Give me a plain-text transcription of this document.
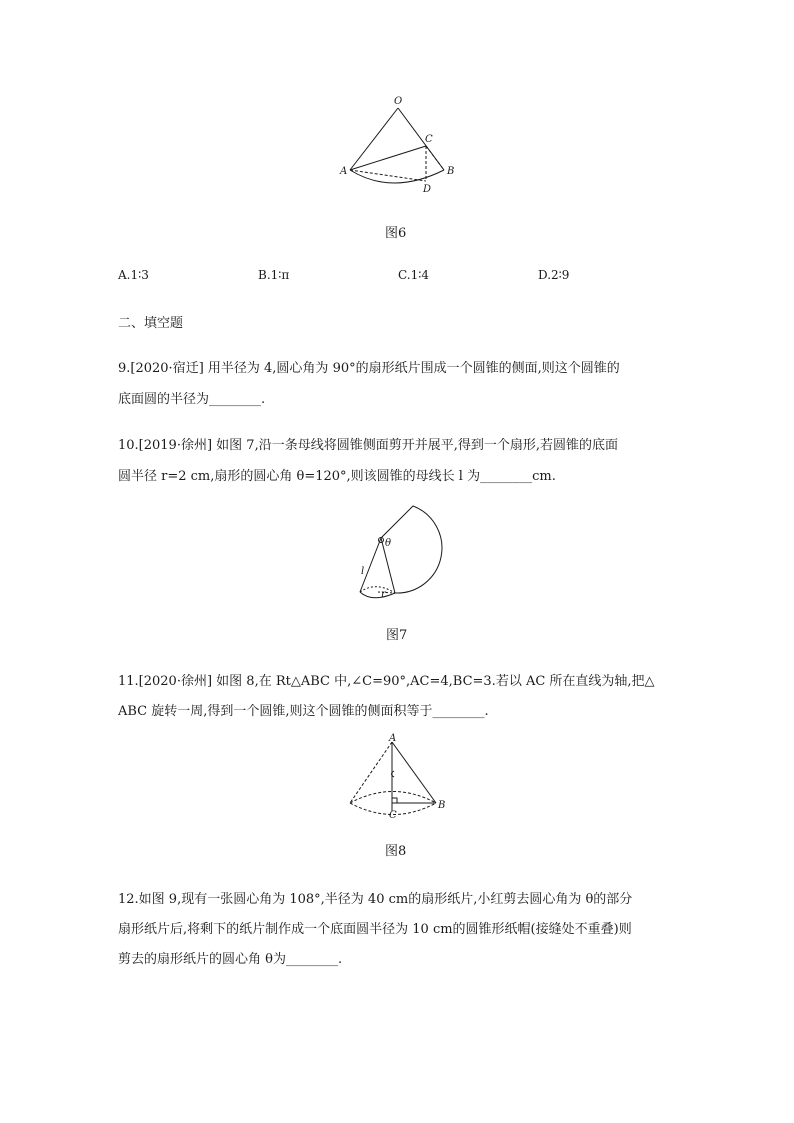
O
C
A	B
D
图6
A.1∶3	B.1∶π	C.1∶4	D.2∶9
二、填空题
9.[2020·宿迁] 用半径为 4,圆心角为 90°的扇形纸片围成一个圆锥的侧面,则这个圆锥的
底面圆的半径为________.
10.[2019·徐州] 如图 7,沿一条母线将圆锥侧面剪开并展平,得到一个扇形,若圆锥的底面
圆半径 r=2 cm,扇形的圆心角 θ=120°,则该圆锥的母线长 l 为________cm.
θ
l
r
图7
11.[2020·徐州] 如图 8,在 Rt△ABC 中,∠C=90°,AC=4,BC=3.若以 AC 所在直线为轴,把△
ABC 旋转一周,得到一个圆锥,则这个圆锥的侧面积等于________.
A
B
C
图8
12.如图 9,现有一张圆心角为 108°,半径为 40 cm的扇形纸片,小红剪去圆心角为 θ的部分
扇形纸片后,将剩下的纸片制作成一个底面圆半径为 10 cm的圆锥形纸帽(接缝处不重叠)则
剪去的扇形纸片的圆心角 θ为________.
